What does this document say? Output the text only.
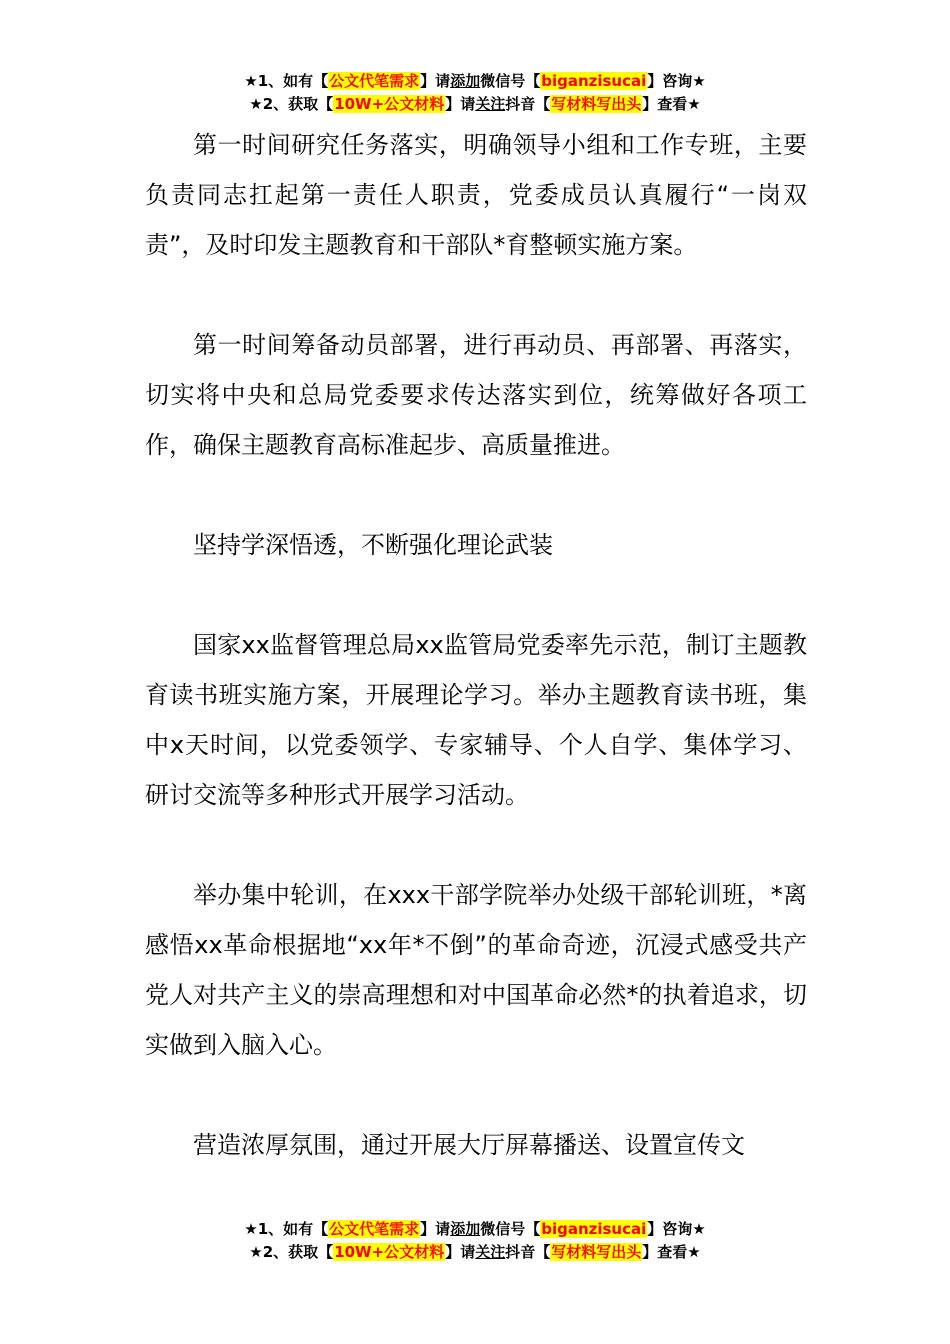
★1、如有【公文代笔需求】请添加微信号【biganzisucai】咨询★
★2、获取【10W+公文材料】请关注抖音【写材料写出头】查看★

第一时间研究任务落实，明确领导小组和工作专班，主要负责同志扛起第一责任人职责，党委成员认真履行“一岗双责”，及时印发主题教育和干部队*育整顿实施方案。

第一时间筹备动员部署，进行再动员、再部署、再落实，切实将中央和总局党委要求传达落实到位，统筹做好各项工作，确保主题教育高标准起步、高质量推进。

坚持学深悟透，不断强化理论武装

国家xx监督管理总局xx监管局党委率先示范，制订主题教育读书班实施方案，开展理论学习。举办主题教育读书班，集中x天时间，以党委领学、专家辅导、个人自学、集体学习、研讨交流等多种形式开展学习活动。

举办集中轮训，在xxx干部学院举办处级干部轮训班，*离感悟xx革命根据地“xx年*不倒”的革命奇迹，沉浸式感受共产党人对共产主义的崇高理想和对中国革命必然*的执着追求，切实做到入脑入心。

营造浓厚氛围，通过开展大厅屏幕播送、设置宣传文

★1、如有【公文代笔需求】请添加微信号【biganzisucai】咨询★
★2、获取【10W+公文材料】请关注抖音【写材料写出头】查看★
